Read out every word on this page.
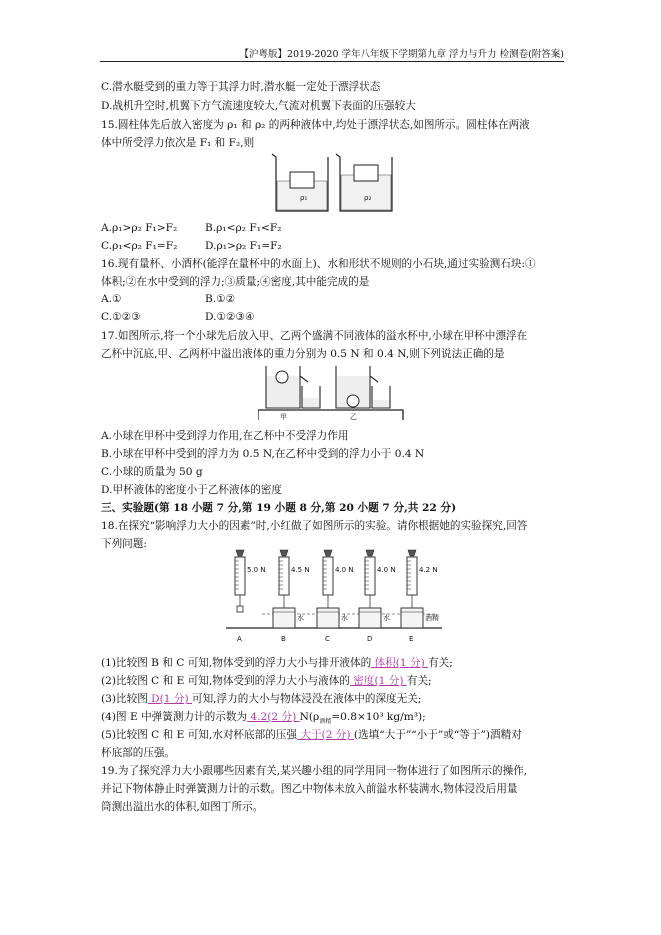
【沪粤版】2019-2020 学年八年级下学期第九章 浮力与升力 检测卷(附答案)
C.潜水艇受到的重力等于其浮力时,潜水艇一定处于漂浮状态
D.战机升空时,机翼下方气流速度较大,气流对机翼下表面的压强较大
15.圆柱体先后放入密度为 ρ₁ 和 ρ₂ 的两种液体中,均处于漂浮状态,如图所示。圆柱体在两液
体中所受浮力依次是 F₁ 和 F₂,则
ρ₁	ρ₂
A.ρ₁>ρ₂ F₁>F₂	B.ρ₁<ρ₂ F₁<F₂
C.ρ₁<ρ₂ F₁=F₂	D.ρ₁>ρ₂ F₁=F₂
16.现有量杯、小酒杯(能浮在量杯中的水面上)、水和形状不规则的小石块,通过实验测石块:①
体积;②在水中受到的浮力;③质量;④密度,其中能完成的是
A.①	B.①②
C.①②③	D.①②③④
17.如图所示,将一个小球先后放入甲、乙两个盛满不同液体的溢水杯中,小球在甲杯中漂浮在
乙杯中沉底,甲、乙两杯中溢出液体的重力分别为 0.5 N 和 0.4 N,则下列说法正确的是
甲	乙
A.小球在甲杯中受到浮力作用,在乙杯中不受浮力作用
B.小球在甲杯中受到的浮力为 0.5 N,在乙杯中受到的浮力小于 0.4 N
C.小球的质量为 50 g
D.甲杯液体的密度小于乙杯液体的密度
三、实验题(第 18 小题 7 分,第 19 小题 8 分,第 20 小题 7 分,共 22 分)
18.在探究“影响浮力大小的因素”时,小红做了如图所示的实验。请你根据她的实验探究,回答
下列问题:
5.0 N
A
4.5 N
水
B
4.0 N
水
C
4.0 N
水
D
4.2 N
酒精
E
(1)比较图 B 和 C 可知,物体受到的浮力大小与排开液体的 体积(1 分) 有关;
(2)比较图 C 和 E 可知,物体受到的浮力大小与液体的 密度(1 分) 有关;
(3)比较图 D(1 分) 可知,浮力的大小与物体浸没在液体中的深度无关;
(4)图 E 中弹簧测力计的示数为 4.2(2 分) $N(\rho_{酒精}=0.8\times 10^3$ kg/m³);
(5)比较图 C 和 E 可知,水对杯底部的压强 大于(2 分) (选填“大于”“小于”或“等于”)酒精对
杯底部的压强。
19.为了探究浮力大小跟哪些因素有关,某兴趣小组的同学用同一物体进行了如图所示的操作,
并记下物体静止时弹簧测力计的示数。图乙中物体未放入前溢水杯装满水,物体浸没后用量
筒测出溢出水的体积,如图丁所示。
